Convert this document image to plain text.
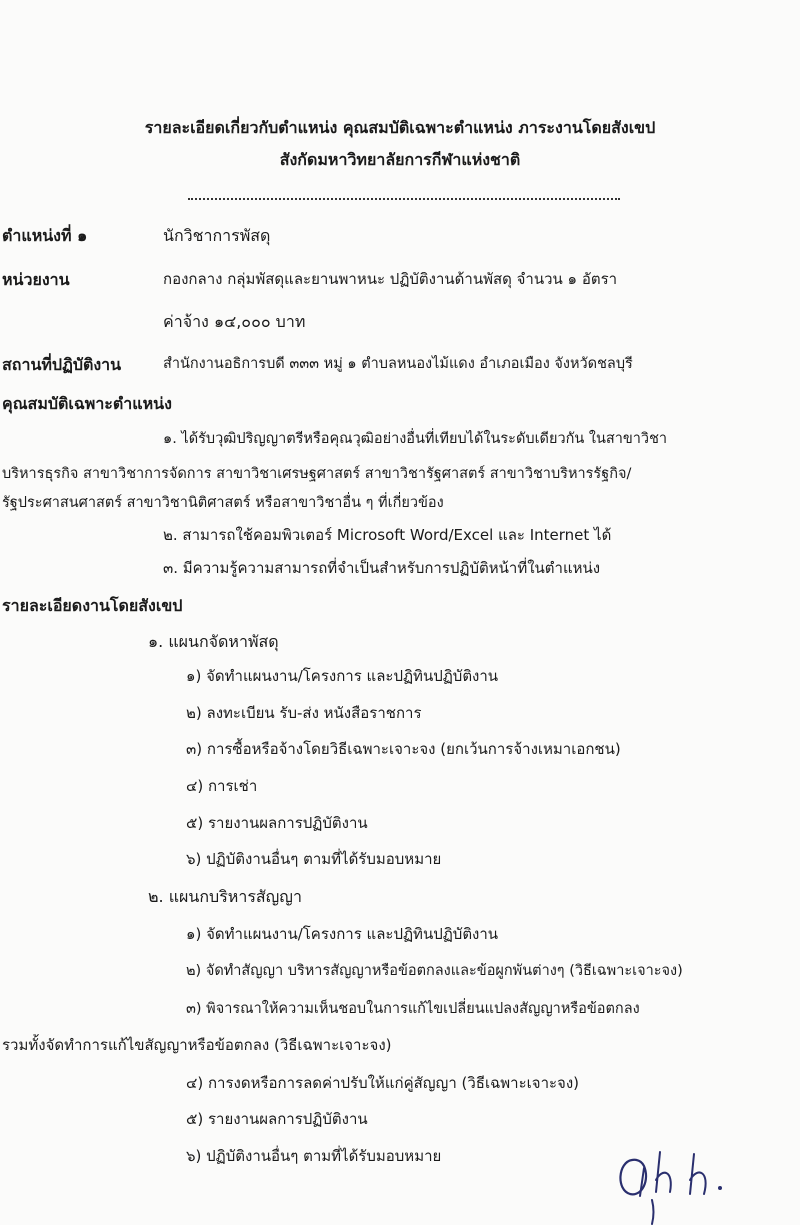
รายละเอียดเกี่ยวกับตำแหน่ง คุณสมบัติเฉพาะตำแหน่ง ภาระงานโดยสังเขป
สังกัดมหาวิทยาลัยการกีฬาแห่งชาติ
ตำแหน่งที่ ๑	นักวิชาการพัสดุ
หน่วยงาน	กองกลาง กลุ่มพัสดุและยานพาหนะ ปฏิบัติงานด้านพัสดุ จำนวน ๑ อัตรา
ค่าจ้าง ๑๔,๐๐๐ บาท
สถานที่ปฏิบัติงาน	สำนักงานอธิการบดี ๓๓๓ หมู่ ๑ ตำบลหนองไม้แดง อำเภอเมือง จังหวัดชลบุรี
คุณสมบัติเฉพาะตำแหน่ง
๑. ได้รับวุฒิปริญญาตรีหรือคุณวุฒิอย่างอื่นที่เทียบได้ในระดับเดียวกัน ในสาขาวิชา
บริหารธุรกิจ สาขาวิชาการจัดการ สาขาวิชาเศรษฐศาสตร์ สาขาวิชารัฐศาสตร์ สาขาวิชาบริหารรัฐกิจ/
รัฐประศาสนศาสตร์ สาขาวิชานิติศาสตร์ หรือสาขาวิชาอื่น ๆ ที่เกี่ยวข้อง
๒. สามารถใช้คอมพิวเตอร์ Microsoft Word/Excel และ Internet ได้
๓. มีความรู้ความสามารถที่จำเป็นสำหรับการปฏิบัติหน้าที่ในตำแหน่ง
รายละเอียดงานโดยสังเขป
๑. แผนกจัดหาพัสดุ
๑) จัดทำแผนงาน/โครงการ และปฏิทินปฏิบัติงาน
๒) ลงทะเบียน รับ-ส่ง หนังสือราชการ
๓) การซื้อหรือจ้างโดยวิธีเฉพาะเจาะจง (ยกเว้นการจ้างเหมาเอกชน)
๔) การเช่า
๕) รายงานผลการปฏิบัติงาน
๖) ปฏิบัติงานอื่นๆ ตามที่ได้รับมอบหมาย
๒. แผนกบริหารสัญญา
๑) จัดทำแผนงาน/โครงการ และปฏิทินปฏิบัติงาน
๒) จัดทำสัญญา บริหารสัญญาหรือข้อตกลงและข้อผูกพันต่างๆ (วิธีเฉพาะเจาะจง)
๓) พิจารณาให้ความเห็นชอบในการแก้ไขเปลี่ยนแปลงสัญญาหรือข้อตกลง
รวมทั้งจัดทำการแก้ไขสัญญาหรือข้อตกลง (วิธีเฉพาะเจาะจง)
๔) การงดหรือการลดค่าปรับให้แก่คู่สัญญา (วิธีเฉพาะเจาะจง)
๕) รายงานผลการปฏิบัติงาน
๖) ปฏิบัติงานอื่นๆ ตามที่ได้รับมอบหมาย
